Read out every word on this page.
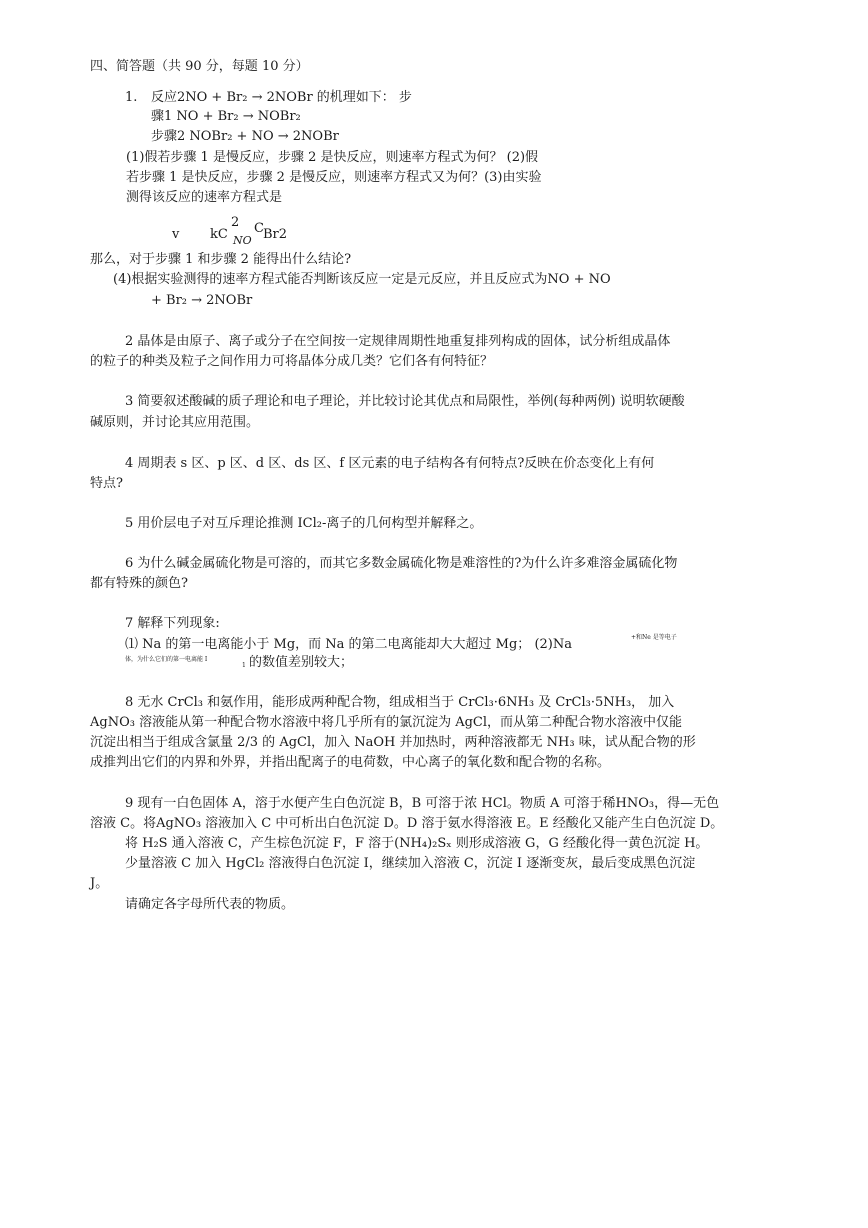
四、简答题（共 90 分，每题 10 分）
1. 反应2NO + Br₂ → 2NOBr 的机理如下： 步
骤1 NO + Br₂ → NOBr₂
步骤2 NOBr₂ + NO → 2NOBr
(1)假若步骤 1 是慢反应，步骤 2 是快反应，则速率方程式为何？ (2)假
若步骤 1 是快反应，步骤 2 是慢反应，则速率方程式又为何？(3)由实验
测得该反应的速率方程式是
v kC
2
NO
C Br2
那么，对于步骤 1 和步骤 2 能得出什么结论?
(4)根据实验测得的速率方程式能否判断该反应一定是元反应，并且反应式为NO + NO
+ Br₂ → 2NOBr
2 晶体是由原子、离子或分子在空间按一定规律周期性地重复排列构成的固体，试分析组成晶体
的粒子的种类及粒子之间作用力可将晶体分成几类？它们各有何特征？
3 简要叙述酸碱的质子理论和电子理论，并比较讨论其优点和局限性，举例(每种两例) 说明软硬酸
碱原则，并讨论其应用范围。
4 周期表 s 区、p 区、d 区、ds 区、f 区元素的电子结构各有何特点?反映在价态变化上有何
特点?
5 用价层电子对互斥理论推测 ICl₂-离子的几何构型并解释之。
6 为什么碱金属硫化物是可溶的，而其它多数金属硫化物是难溶性的?为什么许多难溶金属硫化物
都有特殊的颜色?
7 解释下列现象:
⑴ Na 的第一电离能小于 Mg，而 Na 的第二电离能却大大超过 Mg； (2)Na	+和Ne 是等电子
体，为什么它们的第一电离能 I
1 的数值差别较大；
8 无水 CrCl₃ 和氨作用，能形成两种配合物，组成相当于 CrCl₃·6NH₃ 及 CrCl₃·5NH₃， 加入
AgNO₃ 溶液能从第一种配合物水溶液中将几乎所有的氯沉淀为 AgCl，而从第二种配合物水溶液中仅能
沉淀出相当于组成含氯量 2/3 的 AgCl，加入 NaOH 并加热时，两种溶液都无 NH₃ 味，试从配合物的形
成推判出它们的内界和外界，并指出配离子的电荷数，中心离子的氧化数和配合物的名称。
9 现有一白色固体 A，溶于水便产生白色沉淀 B，B 可溶于浓 HCl。物质 A 可溶于稀HNO₃，得—无色
溶液 C。将AgNO₃ 溶液加入 C 中可析出白色沉淀 D。D 溶于氨水得溶液 E。E 经酸化又能产生白色沉淀 D。
将 H₂S 通入溶液 C，产生棕色沉淀 F，F 溶于(NH₄)₂Sₓ 则形成溶液 G，G 经酸化得一黄色沉淀 H。
少量溶液 C 加入 HgCl₂ 溶液得白色沉淀 I，继续加入溶液 C，沉淀 I 逐渐变灰，最后变成黑色沉淀
J。
请确定各字母所代表的物质。
